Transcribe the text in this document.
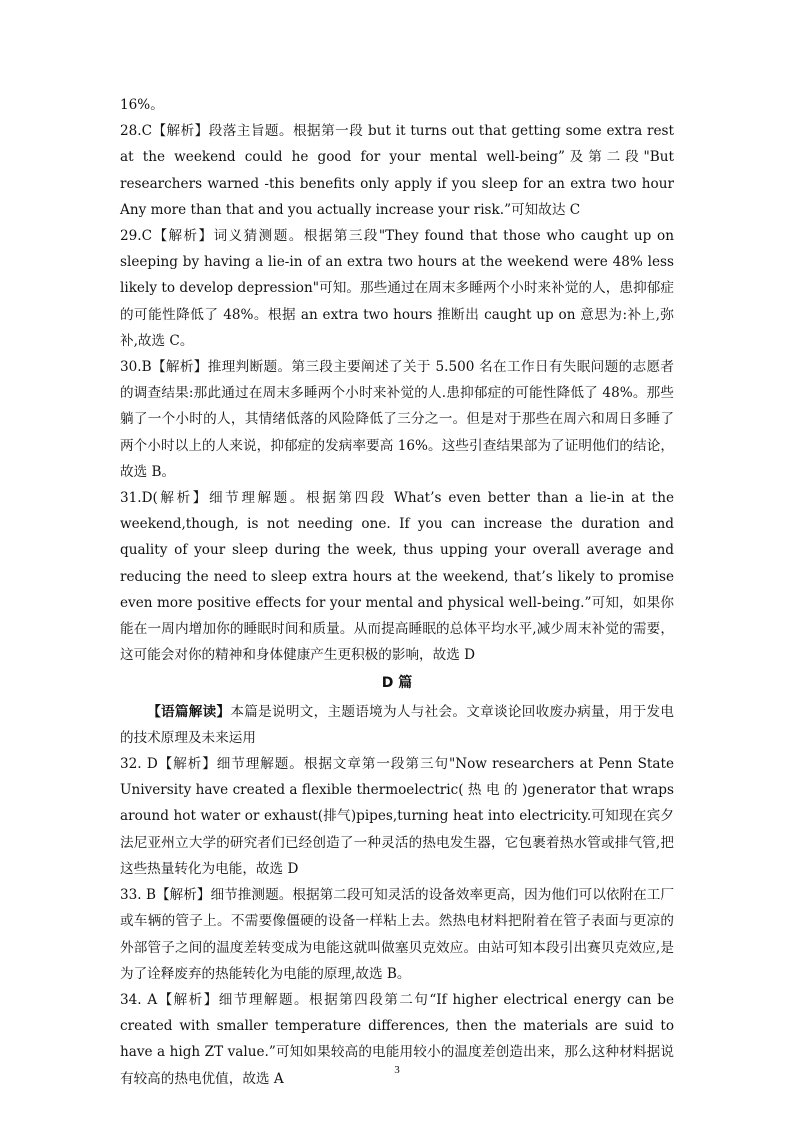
16%。

28.C【解析】段落主旨题。根据第一段 but it turns out that getting some extra rest at the weekend could he good for your mental well-being”及第二段"But researchers warned -this benefits only apply if you sleep for an extra two hour Any more than that and you actually increase your risk.”可知故达 C

29.C【解析】词义猜测题。根据第三段"They found that those who caught up on sleeping by having a lie-in of an extra two hours at the weekend were 48% less likely to develop depression"可知。那些通过在周末多睡两个小时来补觉的人，患抑郁症的可能性降低了 48%。根据 an extra two hours 推断出 caught up on 意思为:补上,弥补,故选 C。

30.B【解析】推理判断题。第三段主要阐述了关于 5.500 名在工作日有失眠问题的志愿者的调查结果:那此通过在周末多睡两个小时来补觉的人.患抑郁症的可能性降低了 48%。那些躺了一个小时的人，其情绪低落的风险降低了三分之一。但是对于那些在周六和周日多睡了两个小时以上的人来说，抑郁症的发病率要高 16%。这些引查结果部为了证明他们的结论，故选 B。

31.D(解析】细节理解题。根据第四段 What’s even better than a lie-in at the weekend,though, is not needing one. If you can increase the duration and quality of your sleep during the week, thus upping your overall average and reducing the need to sleep extra hours at the weekend, that’s likely to promise even more positive effects for your mental and physical well-being.”可知，如果你能在一周内增加你的睡眠时间和质量。从而提高睡眠的总体平均水平,减少周末补觉的需要，这可能会对你的精神和身体健康产生更积极的影响，故选 D

D 篇

【语篇解读】本篇是说明文，主题语境为人与社会。文章谈论回收废办病量，用于发电的技术原理及未来运用

32. D【解析】细节理解题。根据文章第一段第三句"Now researchers at Penn State University have created a flexible thermoelectric( 热 电 的 )generator that wraps around hot water or exhaust(排气)pipes,turning heat into electricity.可知现在宾夕法尼亚州立大学的研究者们已经创造了一种灵活的热电发生器，它包裹着热水管或排气管,把这些热量转化为电能，故选 D

33. B【解析】细节推测题。根据第二段可知灵活的设备效率更高，因为他们可以依附在工厂或车辆的管子上。不需要像僵硬的设备一样粘上去。然热电材料把附着在管子表面与更凉的外部管子之间的温度差转变成为电能这就叫做塞贝克效应。由站可知本段引出赛贝克效应,是为了诠释废弃的热能转化为电能的原理,故选 B。

34. A【解析】细节理解题。根据第四段第二句“If higher electrical energy can be created with smaller temperature differences, then the materials are suid to have a high ZT value.”可知如果较高的电能用较小的温度差创造出来，那么这种材料据说有较高的热电优值，故选 A

3
